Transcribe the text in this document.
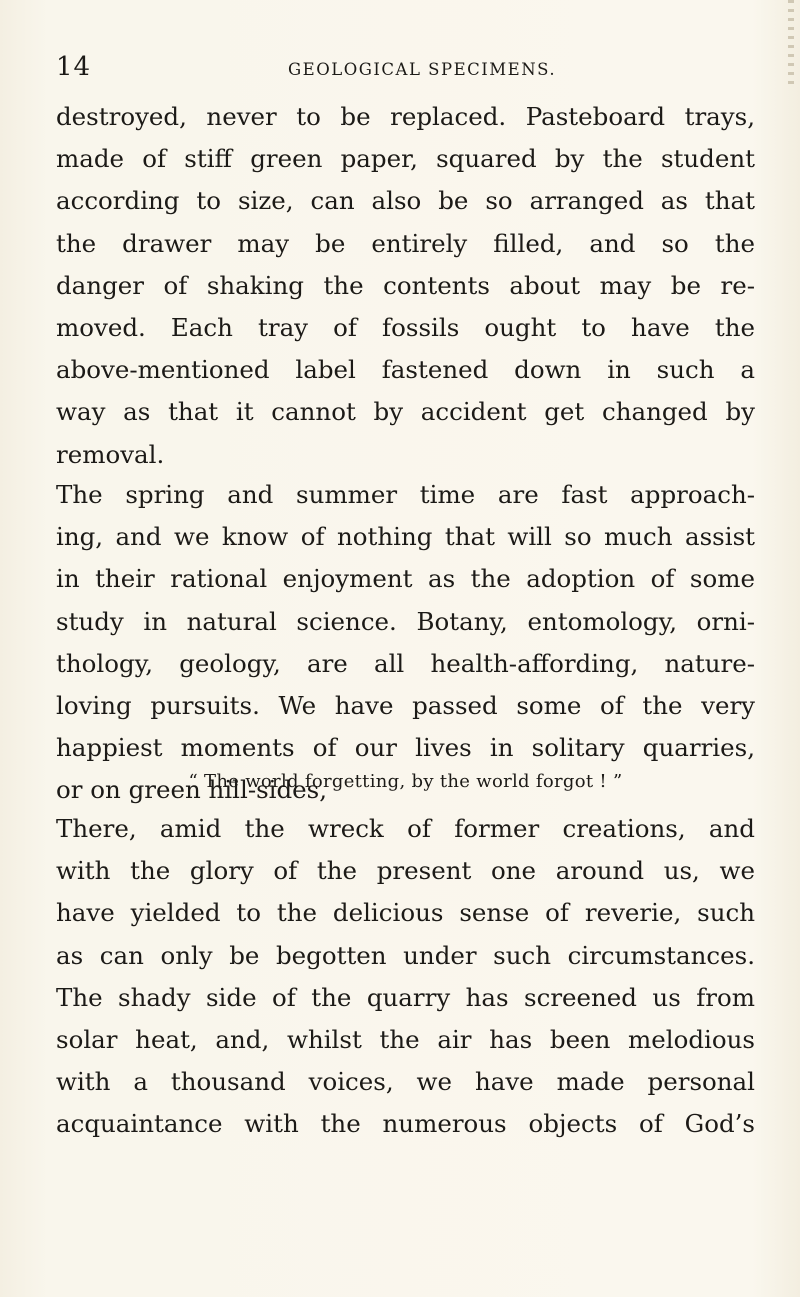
14	GEOLOGICAL SPECIMENS.
destroyed, never to be replaced. Pasteboard trays,
made of stiff green paper, squared by the student
according to size, can also be so arranged as that
the drawer may be entirely filled, and so the
danger of shaking the contents about may be re-
moved. Each tray of fossils ought to have the
above-mentioned label fastened down in such a
way as that it cannot by accident get changed by
removal.
The spring and summer time are fast approach-
ing, and we know of nothing that will so much assist
in their rational enjoyment as the adoption of some
study in natural science. Botany, entomology, orni-
thology, geology, are all health-affording, nature-
loving pursuits. We have passed some of the very
happiest moments of our lives in solitary quarries,
or on green hill-sides,
“ The world forgetting, by the world forgot ! ”
There, amid the wreck of former creations, and
with the glory of the present one around us, we
have yielded to the delicious sense of reverie, such
as can only be begotten under such circumstances.
The shady side of the quarry has screened us from
solar heat, and, whilst the air has been melodious
with a thousand voices, we have made personal
acquaintance with the numerous objects of God’s
